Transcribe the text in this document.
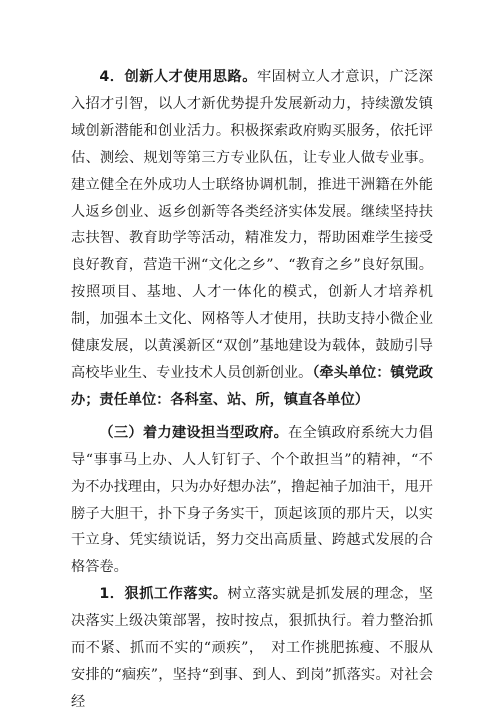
4．创新人才使用思路。牢固树立人才意识，广泛深入招才引智，以人才新优势提升发展新动力，持续激发镇域创新潜能和创业活力。积极探索政府购买服务，依托评估、测绘、规划等第三方专业队伍，让专业人做专业事。建立健全在外成功人士联络协调机制，推进干洲籍在外能人返乡创业、返乡创新等各类经济实体发展。继续坚持扶志扶智、教育助学等活动，精准发力，帮助困难学生接受良好教育，营造干洲“文化之乡”、“教育之乡”良好氛围。按照项目、基地、人才一体化的模式，创新人才培养机制，加强本土文化、网格等人才使用，扶助支持小微企业健康发展，以黄溪新区“双创”基地建设为载体，鼓励引导高校毕业生、专业技术人员创新创业。（牵头单位：镇党政办；责任单位：各科室、站、所，镇直各单位）

（三）着力建设担当型政府。在全镇政府系统大力倡导“事事马上办、人人钉钉子、个个敢担当”的精神，“不为不办找理由，只为办好想办法”，撸起袖子加油干，甩开膀子大胆干，扑下身子务实干，顶起该顶的那片天，以实干立身、凭实绩说话，努力交出高质量、跨越式发展的合格答卷。

1．狠抓工作落实。树立落实就是抓发展的理念，坚决落实上级决策部署，按时按点，狠抓执行。着力整治抓而不紧、抓而不实的“顽疾”，　对工作挑肥拣瘦、不服从安排的“痼疾”，坚持“到事、到人、到岗”抓落实。对社会经
